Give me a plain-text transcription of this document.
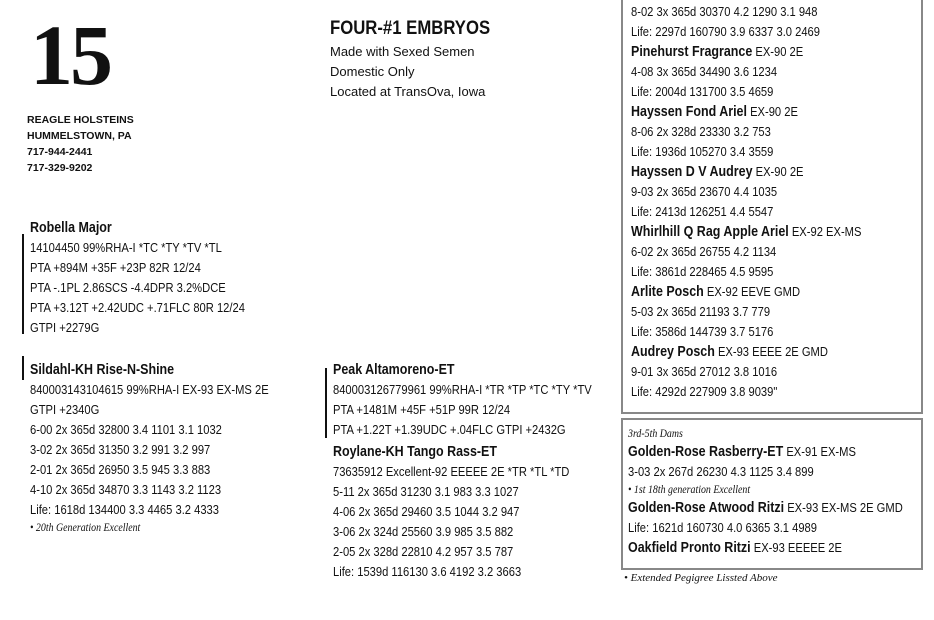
15
REAGLE HOLSTEINS
HUMMELSTOWN, PA
717-944-2441
717-329-9202
FOUR-#1 EMBRYOS
Made with Sexed Semen
Domestic Only
Located at TransOva, Iowa
Robella Major
14104450 99%RHA-I *TC *TY *TV *TL
PTA +894M +35F +23P 82R 12/24
PTA -.1PL 2.86SCS -4.4DPR 3.2%DCE
PTA +3.12T +2.42UDC +.71FLC 80R 12/24
GTPI +2279G
Sildahl-KH Rise-N-Shine
840003143104615 99%RHA-I EX-93 EX-MS 2E
GTPI +2340G
6-00 2x 365d 32800 3.4 1101 3.1 1032
3-02 2x 365d 31350 3.2 991 3.2 997
2-01 2x 365d 26950 3.5 945 3.3 883
4-10 2x 365d 34870 3.3 1143 3.2 1123
Life: 1618d 134400 3.3 4465 3.2 4333
• 20th Generation Excellent
Peak Altamoreno-ET
840003126779961 99%RHA-I *TR *TP *TC *TY *TV
PTA +1481M +45F +51P 99R 12/24
PTA +1.22T +1.39UDC +.04FLC GTPI +2432G
Roylane-KH Tango Rass-ET
73635912 Excellent-92 EEEEE 2E *TR *TL *TD
5-11 2x 365d 31230 3.1 983 3.3 1027
4-06 2x 365d 29460 3.5 1044 3.2 947
3-06 2x 324d 25560 3.9 985 3.5 882
2-05 2x 328d 22810 4.2 957 3.5 787
Life: 1539d 116130 3.6 4192 3.2 3663
8-02 3x 365d 30370 4.2 1290 3.1 948
Life: 2297d 160790 3.9 6337 3.0 2469
Pinehurst Fragrance EX-90 2E
4-08 3x 365d 34490 3.6 1234
Life: 2004d 131700 3.5 4659
Hayssen Fond Ariel EX-90 2E
8-06 2x 328d 23330 3.2 753
Life: 1936d 105270 3.4 3559
Hayssen D V Audrey EX-90 2E
9-03 2x 365d 23670 4.4 1035
Life: 2413d 126251 4.4 5547
Whirlhill Q Rag Apple Ariel EX-92 EX-MS
6-02 2x 365d 26755 4.2 1134
Life: 3861d 228465 4.5 9595
Arlite Posch EX-92 EEVE GMD
5-03 2x 365d 21193 3.7 779
Life: 3586d 144739 3.7 5176
Audrey Posch EX-93 EEEE 2E GMD
9-01 3x 365d 27012 3.8 1016
Life: 4292d 227909 3.8 9039"
3rd-5th Dams
Golden-Rose Rasberry-ET EX-91 EX-MS
3-03 2x 267d 26230 4.3 1125 3.4 899
• 1st 18th generation Excellent
Golden-Rose Atwood Ritzi EX-93 EX-MS 2E GMD
Life: 1621d 160730 4.0 6365 3.1 4989
Oakfield Pronto Ritzi EX-93 EEEEE 2E
• Extended Pegigree Lissted Above
